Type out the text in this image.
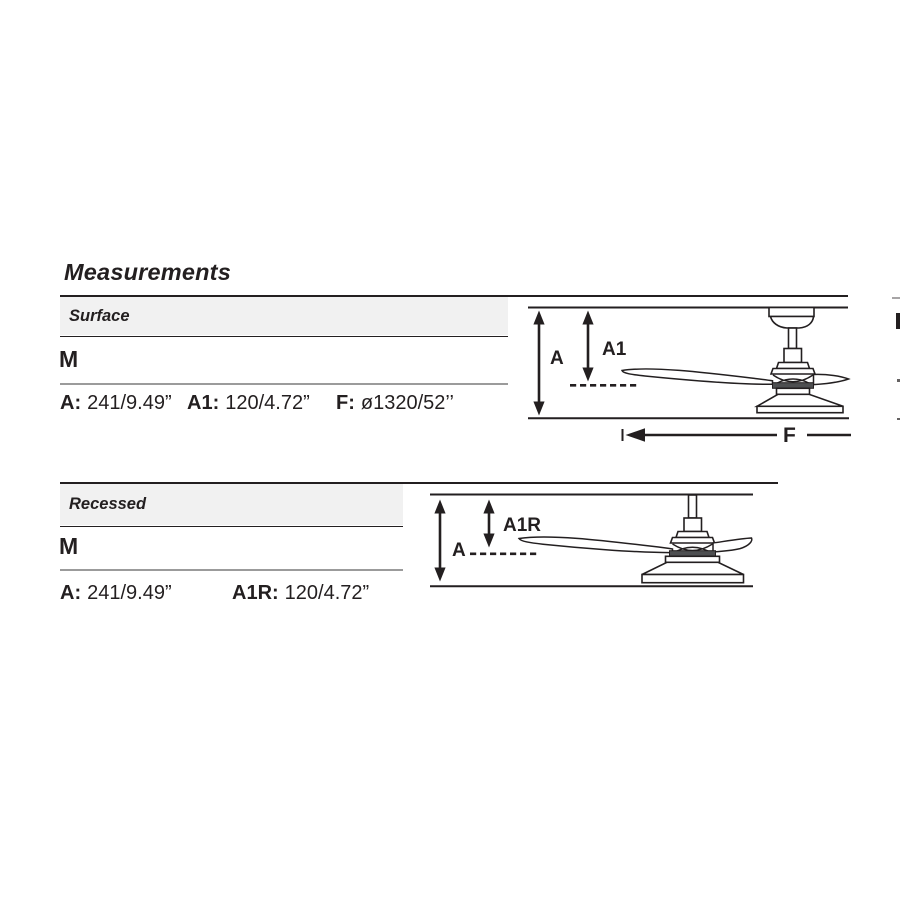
Measurements
Surface

M

A: 241/9.49” A1: 120/4.72” F: ø1320/52’’
A A1
F
Recessed

M

A: 241/9.49”	A1R: 120/4.72”
A
A1R
